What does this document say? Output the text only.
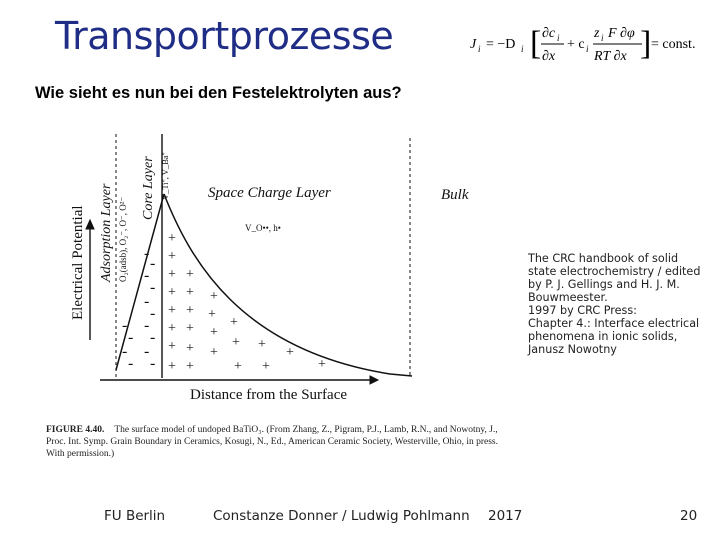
Transportprozesse	J i = −D i [ ∂c i
∂x
+ c i
z i F ∂φ
RT ∂x ] = const.
Wie sieht es nun bei den Festelektrolyten aus?
Electrical Potential Adsorption Layer O₂(adsb), O₂⁻, O⁻, O²⁻
Core Layer V_Ti'', V_Ba''	Space Charge Layer
V_O••, h•
Bulk
Distance from the Surface
+
+
+
+
+
+
+
+
+
+
+
+
+
+
+
+
+
+
+
+
+
+
+
+
+
-
-
-
-
-
-
-
-
-
-
-
-
-
-
FIGURE 4.40. The surface model of undoped BaTiO₃. (From Zhang, Z., Pigram, P.J., Lamb, R.N., and Nowotny, J., Proc. Int. Symp. Grain Boundary in Ceramics, Kosugi, N., Ed., American Ceramic Society, Westerville, Ohio, in press. With permission.)
The CRC handbook of solid
state electrochemistry / edited
by P. J. Gellings and H. J. M.
Bouwmeester.
1997 by CRC Press:
Chapter 4.: Interface electrical
phenomena in ionic solids,
Janusz Nowotny
FU Berlin	Constanze Donner / Ludwig Pohlmann 2017	20
